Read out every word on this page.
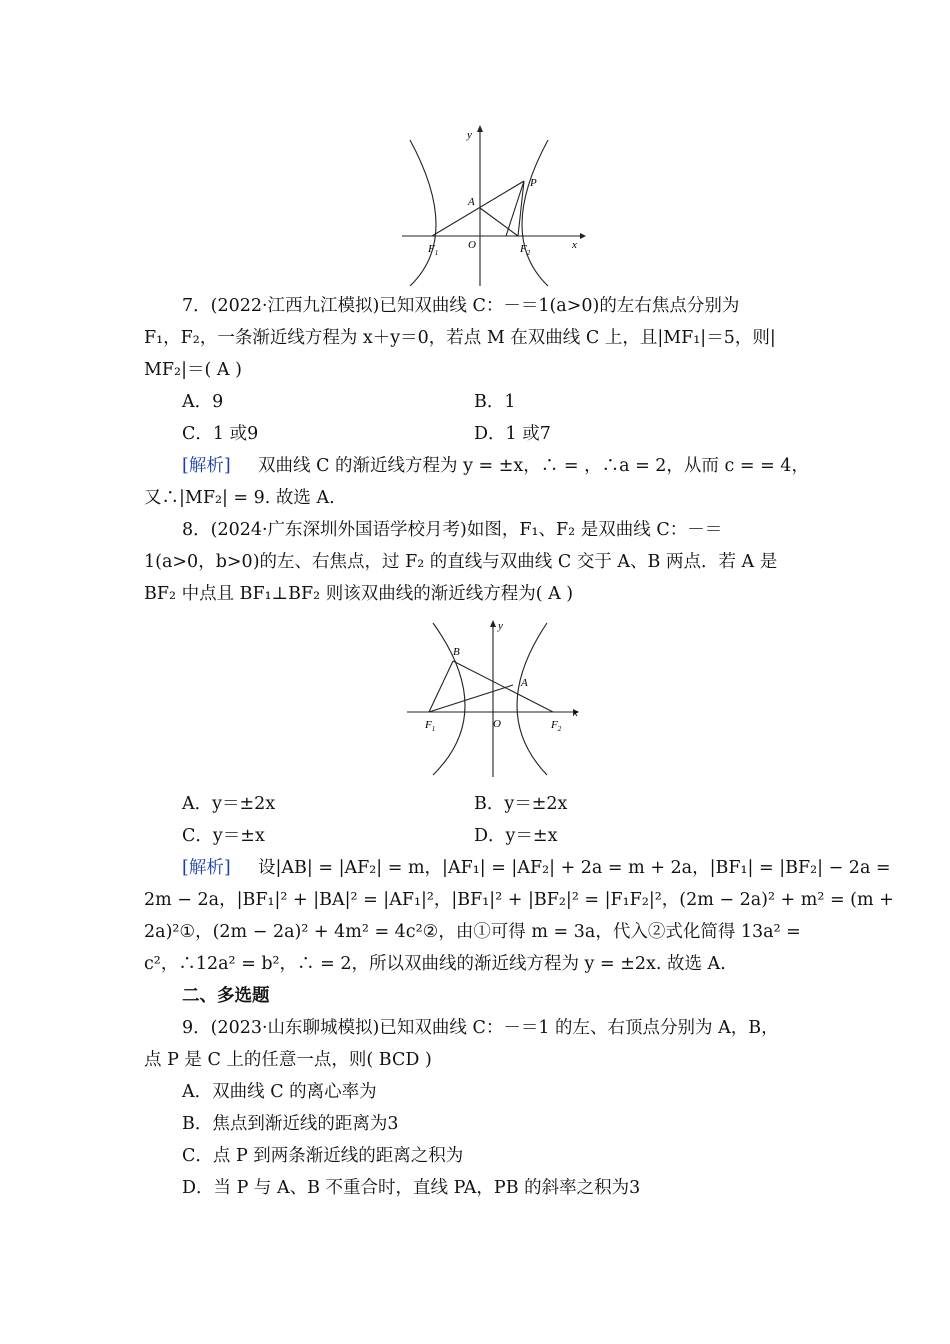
y
x
A
P
O
$F_1$	$F_2$
7．(2022·江西九江模拟)已知双曲线 C：－＝1(a>0)的左右焦点分别为
F₁，F₂，一条渐近线方程为 x＋y＝0，若点 M 在双曲线 C 上，且|MF₁|＝5，则|
MF₂|＝( A )
A．9	B．1
C．1 或9	D．1 或7
[解析] 双曲线 C 的渐近线方程为 y = ±x，∴ = ，∴a = 2，从而 c = = 4，
又∴|MF₂| = 9. 故选 A.
8．(2024·广东深圳外国语学校月考)如图，F₁、F₂ 是双曲线 C：－＝
1(a>0，b>0)的左、右焦点，过 F₂ 的直线与双曲线 C 交于 A、B 两点．若 A 是
BF₂ 中点且 BF₁⊥BF₂ 则该双曲线的渐近线方程为( A )
y
x
B
A
O
$F_1$	$F_2$
A．y＝±2x	B．y＝±2x
C．y＝±x	D．y＝±x
[解析] 设|AB| = |AF₂| = m，|AF₁| = |AF₂| + 2a = m + 2a，|BF₁| = |BF₂| − 2a =
2m − 2a，|BF₁|² + |BA|² = |AF₁|²，|BF₁|² + |BF₂|² = |F₁F₂|²，(2m − 2a)² + m² = (m +
2a)²①，(2m − 2a)² + 4m² = 4c²②，由①可得 m = 3a，代入②式化简得 13a² =
c²，∴12a² = b²，∴ = 2，所以双曲线的渐近线方程为 y = ±2x. 故选 A.
二、多选题
9．(2023·山东聊城模拟)已知双曲线 C：－＝1 的左、右顶点分别为 A，B，
点 P 是 C 上的任意一点，则( BCD )
A．双曲线 C 的离心率为
B．焦点到渐近线的距离为3
C．点 P 到两条渐近线的距离之积为
D．当 P 与 A、B 不重合时，直线 PA，PB 的斜率之积为3
